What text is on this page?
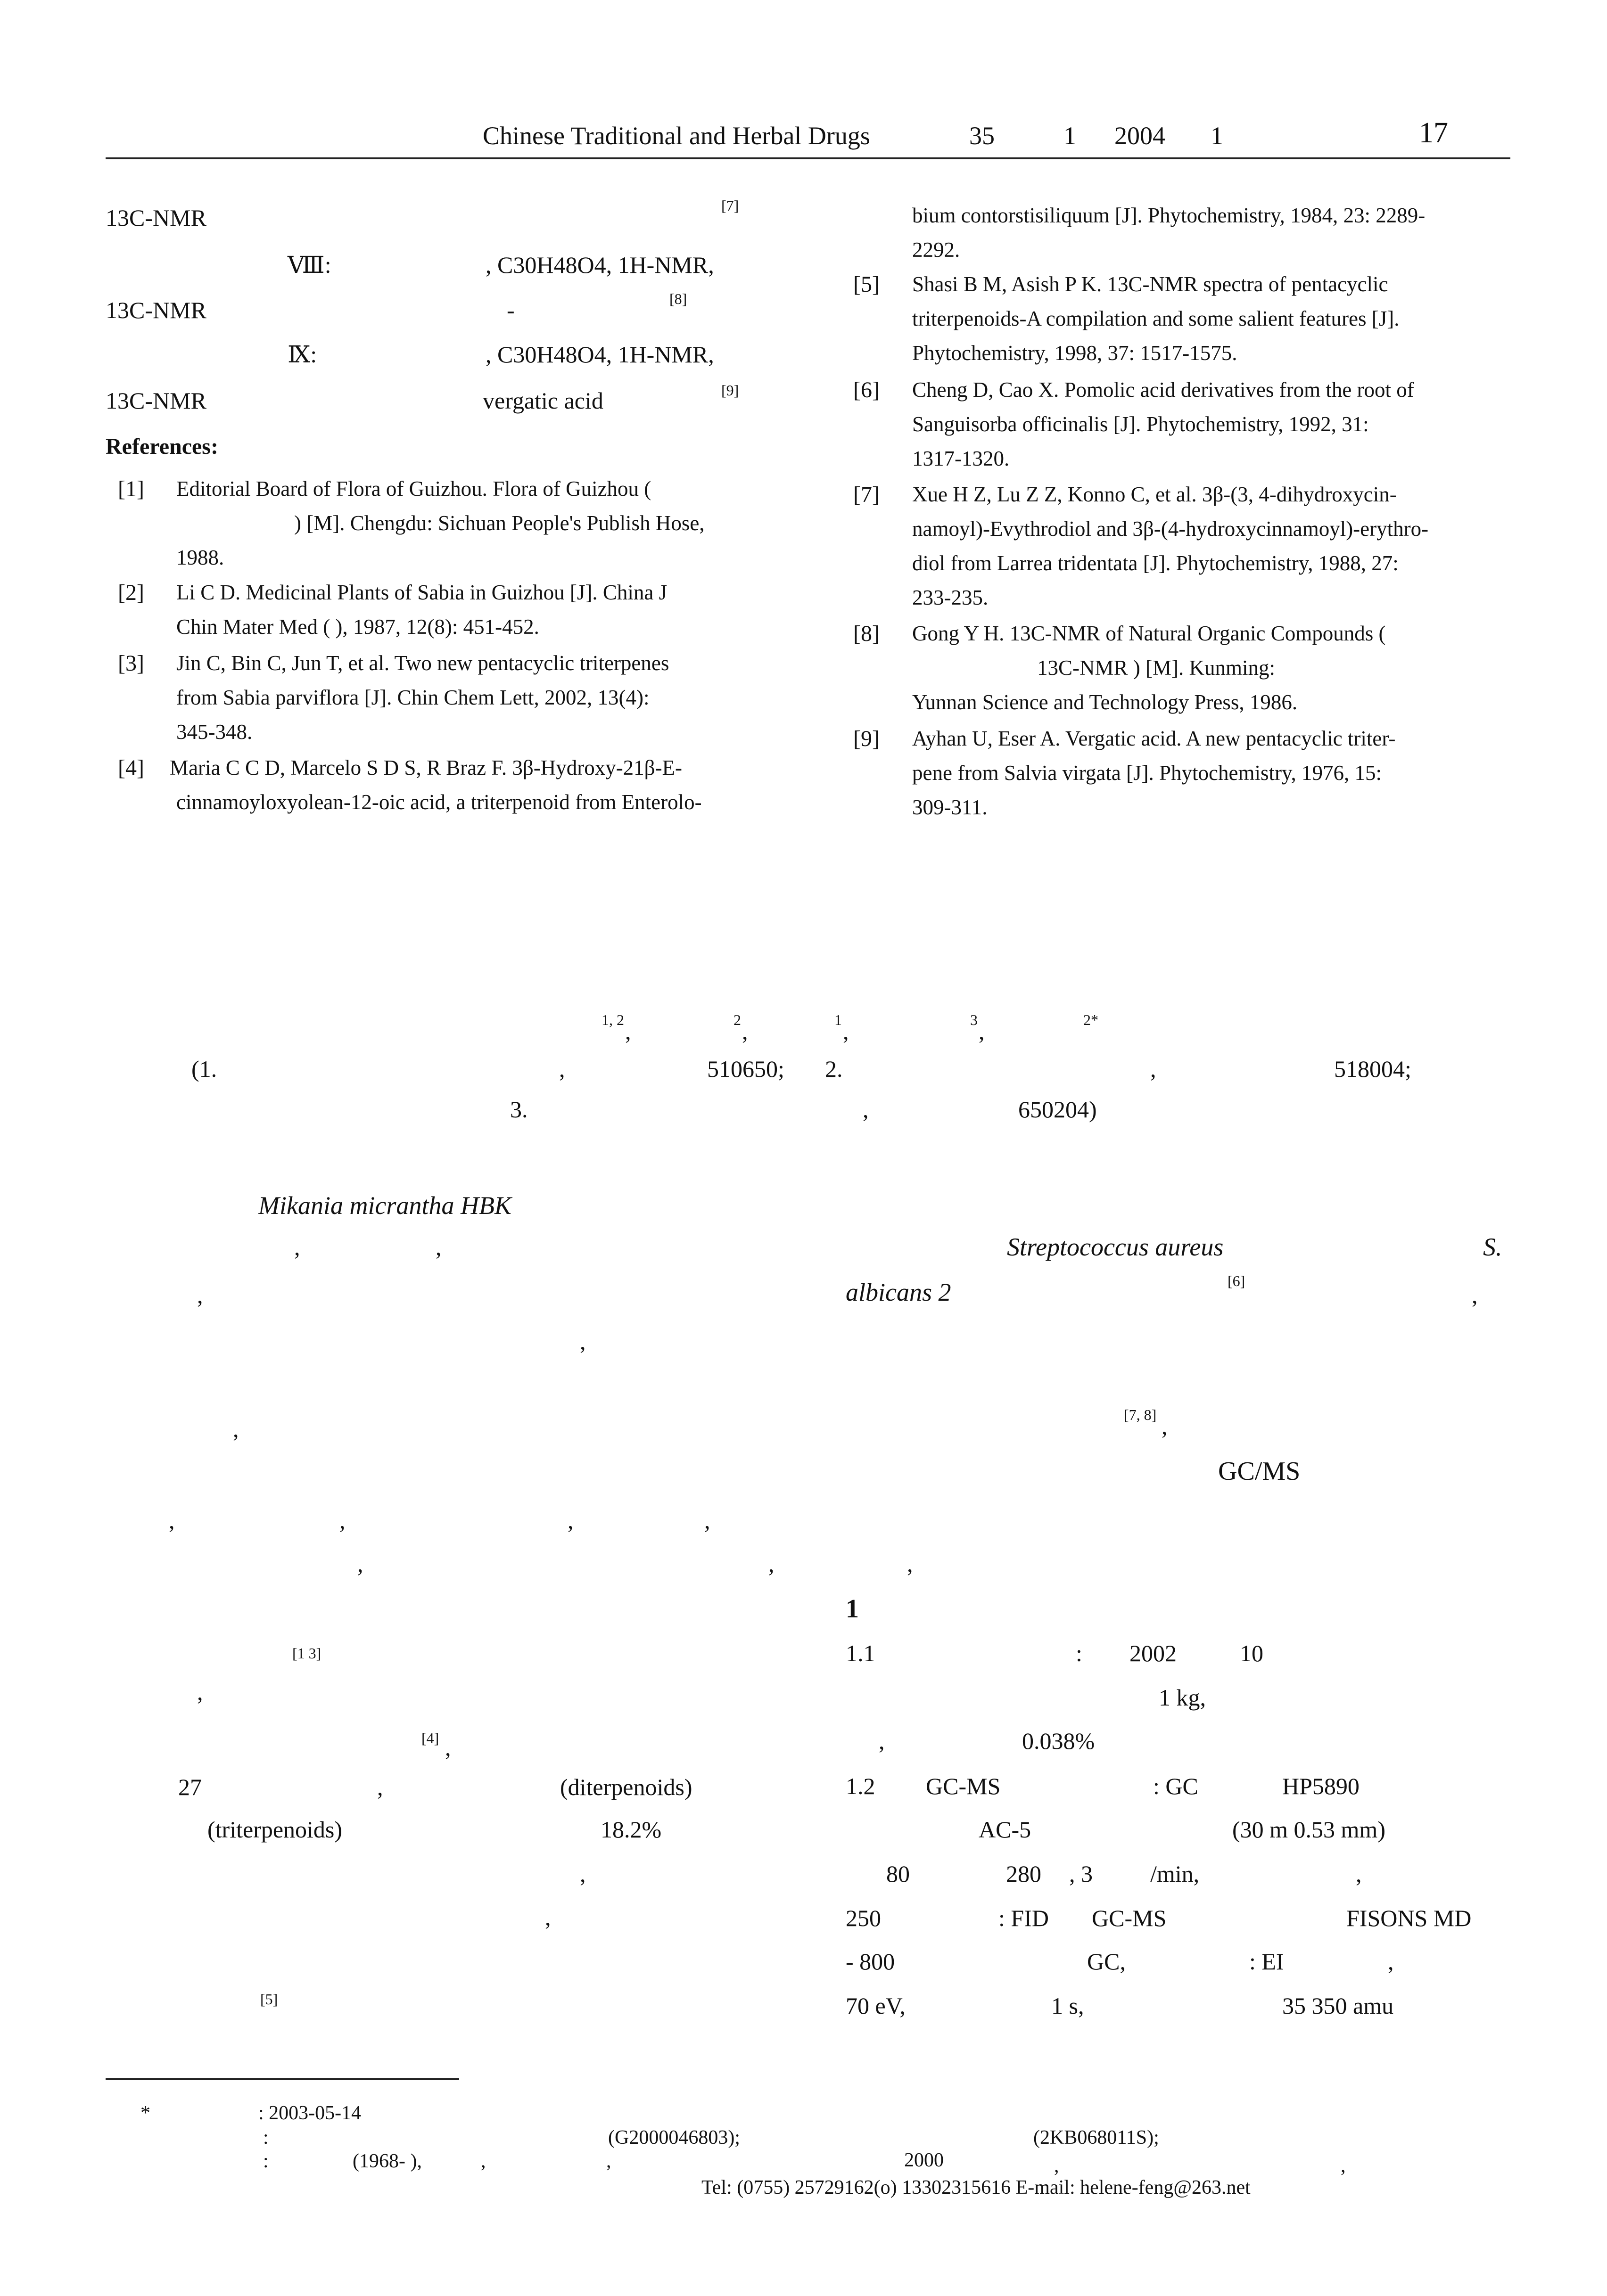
Chinese Traditional and Herbal Drugs	35	1 2004 1	17
13C-NMR	[7]
Ⅷ:	, C30H48O4, 1H-NMR,
13C-NMR	-	[8]
Ⅸ:	, C30H48O4, 1H-NMR,
13C-NMR	vergatic acid	[9]
References:
[1] Editorial Board of Flora of Guizhou. Flora of Guizhou (
) [M]. Chengdu: Sichuan People's Publish Hose,
1988.
[2] Li C D. Medicinal Plants of Sabia in Guizhou [J]. China J
Chin Mater Med ( ), 1987, 12(8): 451-452.
[3] Jin C, Bin C, Jun T, et al. Two new pentacyclic triterpenes
from Sabia parviflora [J]. Chin Chem Lett, 2002, 13(4):
345-348.
[4] Maria C C D, Marcelo S D S, R Braz F. 3β-Hydroxy-21β-E-
cinnamoyloxyolean-12-oic acid, a triterpenoid from Enterolo-
bium contorstisiliquum [J]. Phytochemistry, 1984, 23: 2289-
2292.
[5] Shasi B M, Asish P K. 13C-NMR spectra of pentacyclic
triterpenoids-A compilation and some salient features [J].
Phytochemistry, 1998, 37: 1517-1575.
[6] Cheng D, Cao X. Pomolic acid derivatives from the root of
Sanguisorba officinalis [J]. Phytochemistry, 1992, 31:
1317-1320.
[7] Xue H Z, Lu Z Z, Konno C, et al. 3β-(3, 4-dihydroxycin-
namoyl)-Evythrodiol and 3β-(4-hydroxycinnamoyl)-erythro-
diol from Larrea tridentata [J]. Phytochemistry, 1988, 27:
233-235.
[8] Gong Y H. 13C-NMR of Natural Organic Compounds (
13C-NMR ) [M]. Kunming:
Yunnan Science and Technology Press, 1986.
[9] Ayhan U, Eser A. Vergatic acid. A new pentacyclic triter-
pene from Salvia virgata [J]. Phytochemistry, 1976, 15:
309-311.
1, 2 ,	2 ,	1 ,	3 ,	2*
(1.	,	510650; 2.	,	518004;
3.	,	650204)
Mikania micrantha HBK
,	,
,
,
,
,	,	,	,
,	,	,
[1 3]
,
[4] ,
27	,	(diterpenoids)
(triterpenoids)	18.2%
,
,
[5]
Streptococcus aureus	S.
albicans 2	[6]
,
[7, 8] ,
GC/MS
1
1.1	: 2002	10
1 kg,
,	0.038%
1.2 GC-MS	: GC	HP5890
AC-5	(30 m 0.53 mm)
80	280 , 3 /min,	,
250	: FID GC-MS	FISONS MD
- 800	GC,	: EI	,
70 eV,	1 s,	35 350 amu
*	: 2003-05-14
:	(G2000046803);	(2KB068011S);
:	(1968- ),	,	,	2000	,	,
Tel: (0755) 25729162(o) 13302315616 E-mail: helene-feng@263.net
